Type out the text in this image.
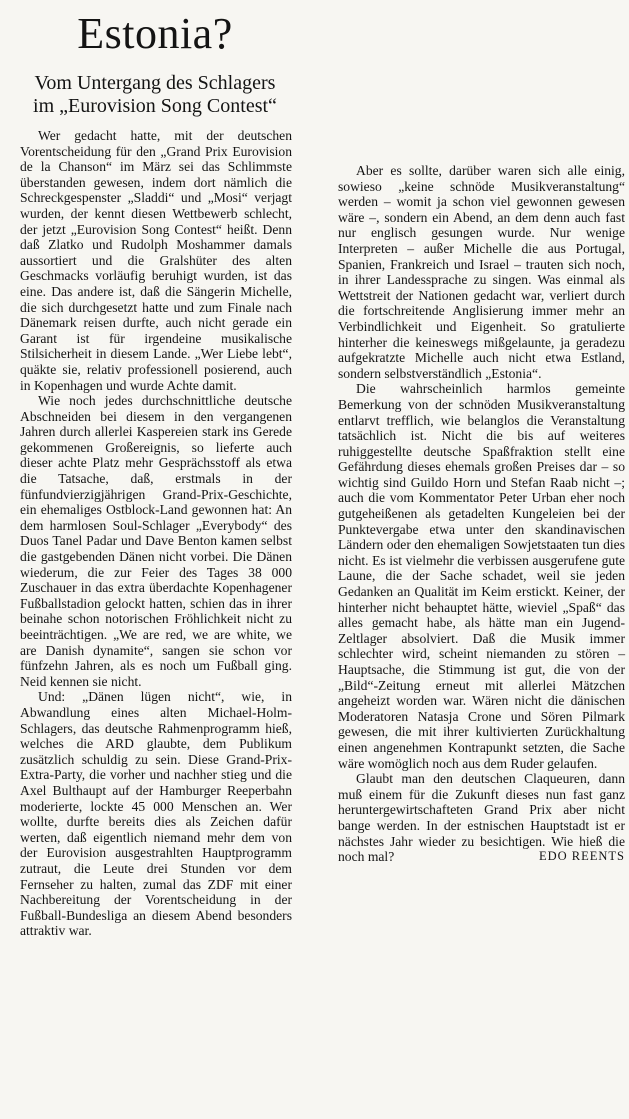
Estonia?
Vom Untergang des Schlagers
im „Eurovision Song Contest“

Wer gedacht hatte, mit der deutschen Vorentscheidung für den „Grand Prix Eurovision de la Chanson“ im März sei das Schlimmste überstanden gewesen, indem dort nämlich die Schreckgespenster „Sladdi“ und „Mosi“ verjagt wurden, der kennt diesen Wettbewerb schlecht, der jetzt „Eurovision Song Contest“ heißt. Denn daß Zlatko und Rudolph Moshammer damals aussortiert und die Gralshüter des alten Geschmacks vorläufig beruhigt wurden, ist das eine. Das andere ist, daß die Sängerin Michelle, die sich durchgesetzt hatte und zum Finale nach Dänemark reisen durfte, auch nicht gerade ein Garant ist für irgendeine musikalische Stilsicherheit in diesem Lande. „Wer Liebe lebt“, quäkte sie, relativ professionell posierend, auch in Kopenhagen und wurde Achte damit.

Wie noch jedes durchschnittliche deutsche Abschneiden bei diesem in den vergangenen Jahren durch allerlei Kaspereien stark ins Gerede gekommenen Großereignis, so lieferte auch dieser achte Platz mehr Gesprächsstoff als etwa die Tatsache, daß, erstmals in der fünfundvierzigjährigen Grand-Prix-Geschichte, ein ehemaliges Ostblock-Land gewonnen hat: An dem harmlosen Soul-Schlager „Everybody“ des Duos Tanel Padar und Dave Benton kamen selbst die gastgebenden Dänen nicht vorbei. Die Dänen wiederum, die zur Feier des Tages 38 000 Zuschauer in das extra überdachte Kopenhagener Fußballstadion gelockt hatten, schien das in ihrer beinahe schon notorischen Fröhlichkeit nicht zu beeinträchtigen. „We are red, we are white, we are Danish dynamite“, sangen sie schon vor fünfzehn Jahren, als es noch um Fußball ging. Neid kennen sie nicht.

Und: „Dänen lügen nicht“, wie, in Abwandlung eines alten Michael-Holm-Schlagers, das deutsche Rahmenprogramm hieß, welches die ARD glaubte, dem Publikum zusätzlich schuldig zu sein. Diese Grand-Prix-Extra-Party, die vorher und nachher stieg und die Axel Bulthaupt auf der Hamburger Reeperbahn moderierte, lockte 45 000 Menschen an. Wer wollte, durfte bereits dies als Zeichen dafür werten, daß eigentlich niemand mehr dem von der Eurovision ausgestrahlten Hauptprogramm zutraut, die Leute drei Stunden vor dem Fernseher zu halten, zumal das ZDF mit einer Nachbereitung der Vorentscheidung in der Fußball-Bundesliga an diesem Abend besonders attraktiv war.

Aber es sollte, darüber waren sich alle einig, sowieso „keine schnöde Musikveranstaltung“ werden – womit ja schon viel gewonnen gewesen wäre –, sondern ein Abend, an dem denn auch fast nur englisch gesungen wurde. Nur wenige Interpreten – außer Michelle die aus Portugal, Spanien, Frankreich und Israel – trauten sich noch, in ihrer Landessprache zu singen. Was einmal als Wettstreit der Nationen gedacht war, verliert durch die fortschreitende Anglisierung immer mehr an Verbindlichkeit und Eigenheit. So gratulierte hinterher die keineswegs mißgelaunte, ja geradezu aufgekratzte Michelle auch nicht etwa Estland, sondern selbstverständlich „Estonia“.

Die wahrscheinlich harmlos gemeinte Bemerkung von der schnöden Musikveranstaltung entlarvt trefflich, wie belanglos die Veranstaltung tatsächlich ist. Nicht die bis auf weiteres ruhiggestellte deutsche Spaßfraktion stellt eine Gefährdung dieses ehemals großen Preises dar – so wichtig sind Guildo Horn und Stefan Raab nicht –; auch die vom Kommentator Peter Urban eher noch gutgeheißenen als getadelten Kungeleien bei der Punktevergabe etwa unter den skandinavischen Ländern oder den ehemaligen Sowjetstaaten tun dies nicht. Es ist vielmehr die verbissen ausgerufene gute Laune, die der Sache schadet, weil sie jeden Gedanken an Qualität im Keim erstickt. Keiner, der hinterher nicht behauptet hätte, wieviel „Spaß“ das alles gemacht habe, als hätte man ein Jugend-Zeltlager absolviert. Daß die Musik immer schlechter wird, scheint niemanden zu stören – Hauptsache, die Stimmung ist gut, die von der „Bild“-Zeitung erneut mit allerlei Mätzchen angeheizt worden war. Wären nicht die dänischen Moderatoren Natasja Crone und Sören Pilmark gewesen, die mit ihrer kultivierten Zurückhaltung einen angenehmen Kontrapunkt setzten, die Sache wäre womöglich noch aus dem Ruder gelaufen.

Glaubt man den deutschen Claqueuren, dann muß einem für die Zukunft dieses nun fast ganz heruntergewirtschafteten Grand Prix aber nicht bange werden. In der estnischen Hauptstadt ist er nächstes Jahr wieder zu besichtigen. Wie hieß die noch mal?	EDO REENTS
